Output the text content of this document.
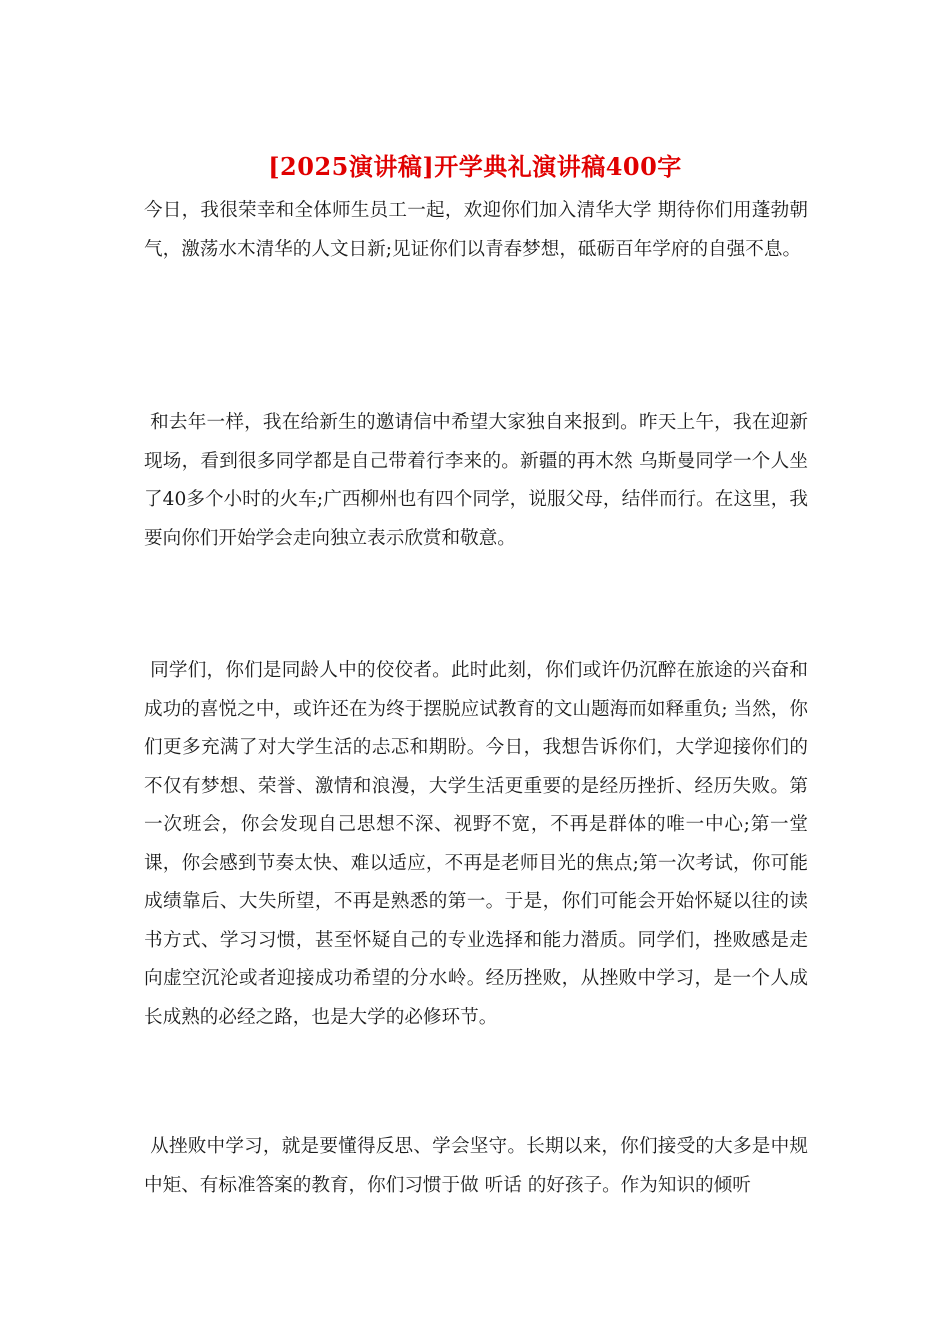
[2025演讲稿]开学典礼演讲稿400字

今日，我很荣幸和全体师生员工一起，欢迎你们加入清华大学 期待你们用蓬勃朝气，激荡水木清华的人文日新;见证你们以青春梦想，砥砺百年学府的自强不息。

和去年一样，我在给新生的邀请信中希望大家独自来报到。昨天上午，我在迎新现场，看到很多同学都是自己带着行李来的。新疆的再木然 乌斯曼同学一个人坐了40多个小时的火车;广西柳州也有四个同学，说服父母，结伴而行。在这里，我要向你们开始学会走向独立表示欣赏和敬意。

同学们，你们是同龄人中的佼佼者。此时此刻，你们或许仍沉醉在旅途的兴奋和成功的喜悦之中，或许还在为终于摆脱应试教育的文山题海而如释重负; 当然，你们更多充满了对大学生活的忐忑和期盼。今日，我想告诉你们，大学迎接你们的不仅有梦想、荣誉、激情和浪漫，大学生活更重要的是经历挫折、经历失败。第一次班会，你会发现自己思想不深、视野不宽，不再是群体的唯一中心;第一堂课，你会感到节奏太快、难以适应，不再是老师目光的焦点;第一次考试，你可能成绩靠后、大失所望，不再是熟悉的第一。于是，你们可能会开始怀疑以往的读书方式、学习习惯，甚至怀疑自己的专业选择和能力潜质。同学们，挫败感是走向虚空沉沦或者迎接成功希望的分水岭。经历挫败，从挫败中学习，是一个人成长成熟的必经之路，也是大学的必修环节。

从挫败中学习，就是要懂得反思、学会坚守。长期以来，你们接受的大多是中规中矩、有标准答案的教育，你们习惯于做 听话 的好孩子。作为知识的倾听
